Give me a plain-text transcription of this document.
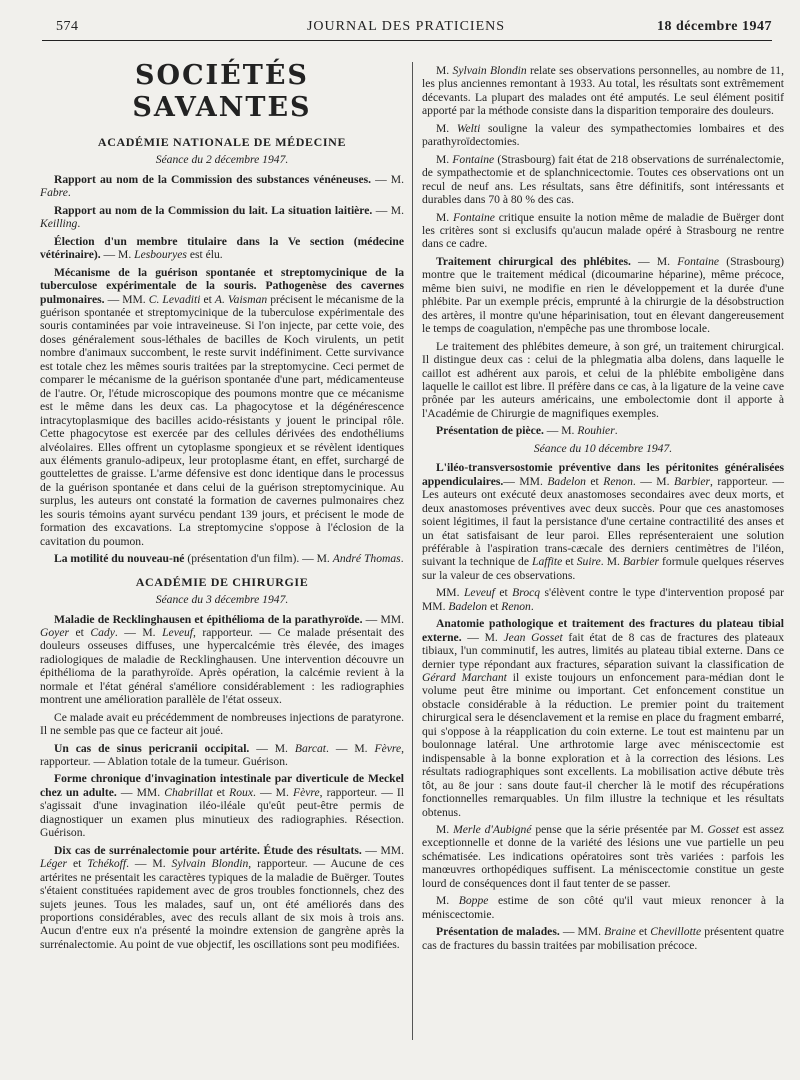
574	JOURNAL DES PRATICIENS	18 décembre 1947
SOCIÉTÉS SAVANTES
ACADÉMIE NATIONALE DE MÉDECINE
Séance du 2 décembre 1947.

Rapport au nom de la Commission des substances vénéneuses. — M. Fabre.

Rapport au nom de la Commission du lait. La situation laitière. — M. Keilling.

Élection d'un membre titulaire dans la Ve section (médecine vétérinaire). — M. Lesbouryes est élu.

Mécanisme de la guérison spontanée et streptomycinique de la tuberculose expérimentale de la souris. Pathogenèse des cavernes pulmonaires. — MM. C. Levaditi et A. Vaisman précisent le mécanisme de la guérison spontanée et streptomycinique de la tuberculose expérimentale des souris contaminées par voie intraveineuse. Si l'on injecte, par cette voie, des doses généralement sous-léthales de bacilles de Koch virulents, un petit nombre d'animaux succombent, le reste survit indéfiniment. Cette survivance est totale chez les mêmes souris traitées par la streptomycine. Ceci permet de comparer le mécanisme de la guérison spontanée d'une part, médicamenteuse de l'autre. Or, l'étude microscopique des poumons montre que ce mécanisme est le même dans les deux cas. La phagocytose et la dégénérescence intracytoplasmique des bacilles acido-résistants y jouent le principal rôle. Cette phagocytose est exercée par des cellules dérivées des endothéliums alvéolaires. Elles offrent un cytoplasme spongieux et se révèlent identiques aux éléments granulo-adipeux, leur protoplasme étant, en effet, surchargé de gouttelettes de graisse. L'arme défensive est donc identique dans le processus de la guérison spontanée et dans celui de la guérison streptomycinique. Au surplus, les auteurs ont constaté la formation de cavernes pulmonaires chez les souris témoins ayant survécu pendant 139 jours, et précisent le mode de formation des excavations. La streptomycine s'oppose à l'éclosion de la cavitation du poumon.

La motilité du nouveau-né (présentation d'un film). — M. André Thomas.

ACADÉMIE DE CHIRURGIE
Séance du 3 décembre 1947.

Maladie de Recklinghausen et épithélioma de la parathyroïde. — MM. Goyer et Cady. — M. Leveuf, rapporteur. — Ce malade présentait des douleurs osseuses diffuses, une hypercalcémie très élevée, des images radiologiques de maladie de Recklinghausen. Une intervention découvre un épithélioma de la parathyroïde. Après opération, la calcémie revient à la normale et l'état général s'améliore considérablement : les radiographies montrent une amélioration parallèle de l'état osseux.

Ce malade avait eu précédemment de nombreuses injections de paratyrone. Il ne semble pas que ce facteur ait joué.

Un cas de sinus pericranii occipital. — M. Barcat. — M. Fèvre, rapporteur. — Ablation totale de la tumeur. Guérison.

Forme chronique d'invagination intestinale par diverticule de Meckel chez un adulte. — MM. Chabrillat et Roux. — M. Fèvre, rapporteur. — Il s'agissait d'une invagination iléo-iléale qu'eût peut-être permis de diagnostiquer un examen plus minutieux des radiographies. Résection. Guérison.

Dix cas de surrénalectomie pour artérite. Étude des résultats. — MM. Léger et Tchékoff. — M. Sylvain Blondin, rapporteur. — Aucune de ces artérites ne présentait les caractères typiques de la maladie de Buërger. Toutes s'étaient constituées rapidement avec de gros troubles fonctionnels, chez des sujets jeunes. Tous les malades, sauf un, ont été améliorés dans des proportions considérables, avec des reculs allant de six mois à trois ans. Aucun d'entre eux n'a présenté la moindre extension de gangrène après la surrénalectomie. Au point de vue objectif, les oscillations sont peu modifiées.

M. Sylvain Blondin relate ses observations personnelles, au nombre de 11, les plus anciennes remontant à 1933. Au total, les résultats sont extrêmement décevants. La plupart des malades ont été amputés. Le seul élément positif apporté par la méthode consiste dans la disparition temporaire des douleurs.

M. Welti souligne la valeur des sympathectomies lombaires et des parathyroïdectomies.

M. Fontaine (Strasbourg) fait état de 218 observations de surrénalectomie, de sympathectomie et de splanchnicectomie. Toutes ces observations ont un recul de neuf ans. Les résultats, sans être définitifs, sont intéressants et durables dans 70 à 80 % des cas.

M. Fontaine critique ensuite la notion même de maladie de Buërger dont les critères sont si exclusifs qu'aucun malade opéré à Strasbourg ne rentre dans ce cadre.

Traitement chirurgical des phlébites. — M. Fontaine (Strasbourg) montre que le traitement médical (dicoumarine héparine), même précoce, même bien suivi, ne modifie en rien le développement et la durée d'une phlébite. Par un exemple précis, emprunté à la chirurgie de la désobstruction des artères, il montre qu'une héparinisation, tout en élevant dangereusement le temps de coagulation, n'empêche pas une thrombose locale.

Le traitement des phlébites demeure, à son gré, un traitement chirurgical. Il distingue deux cas : celui de la phlegmatia alba dolens, dans laquelle le caillot est adhérent aux parois, et celui de la phlébite emboligène dans laquelle le caillot est libre. Il préfère dans ce cas, à la ligature de la veine cave prônée par les auteurs américains, une embolectomie dont il apporte à l'Académie de Chirurgie de magnifiques exemples.

Présentation de pièce. — M. Rouhier.

Séance du 10 décembre 1947.

L'iléo-transversostomie préventive dans les péritonites généralisées appendiculaires.— MM. Badelon et Renon. — M. Barbier, rapporteur. — Les auteurs ont exécuté deux anastomoses secondaires avec deux morts, et deux anastomoses préventives avec deux succès. Pour que ces anastomoses soient légitimes, il faut la persistance d'une certaine contractilité des anses et un état satisfaisant de leur paroi. Elles représenteraient une solution préférable à l'aspiration trans-cæcale des derniers centimètres de l'iléon, suivant la technique de Laffite et Suire. M. Barbier formule quelques réserves sur la valeur de ces observations.

MM. Leveuf et Brocq s'élèvent contre le type d'intervention proposé par MM. Badelon et Renon.

Anatomie pathologique et traitement des fractures du plateau tibial externe. — M. Jean Gosset fait état de 8 cas de fractures des plateaux tibiaux, l'un comminutif, les autres, limités au plateau tibial externe. Dans ce dernier type répondant aux fractures, séparation suivant la classification de Gérard Marchant il existe toujours un enfoncement para-médian dont le volume peut être minime ou important. Cet enfoncement constitue un obstacle considérable à la réduction. Le premier point du traitement chirurgical sera le désenclavement et la remise en place du fragment embarré, qui s'oppose à la réapplication du coin externe. Le tout est maintenu par un boulonnage latéral. Une arthrotomie large avec méniscectomie est indispensable à la bonne exploration et à la correction des lésions. Les résultats radiographiques sont excellents. La mobilisation active débute très tôt, au 8e jour : sans doute faut-il chercher là le motif des récupérations fonctionnelles remarquables. Un film illustre la technique et les résultats obtenus.

M. Merle d'Aubigné pense que la série présentée par M. Gosset est assez exceptionnelle et donne de la variété des lésions une vue partielle un peu schématisée. Les indications opératoires sont très variées : parfois les manœuvres orthopédiques suffisent. La méniscectomie constitue un geste lourd de conséquences dont il faut tenter de se passer.

M. Boppe estime de son côté qu'il vaut mieux renoncer à la méniscectomie.

Présentation de malades. — MM. Braine et Chevillotte présentent quatre cas de fractures du bassin traitées par mobilisation précoce.
